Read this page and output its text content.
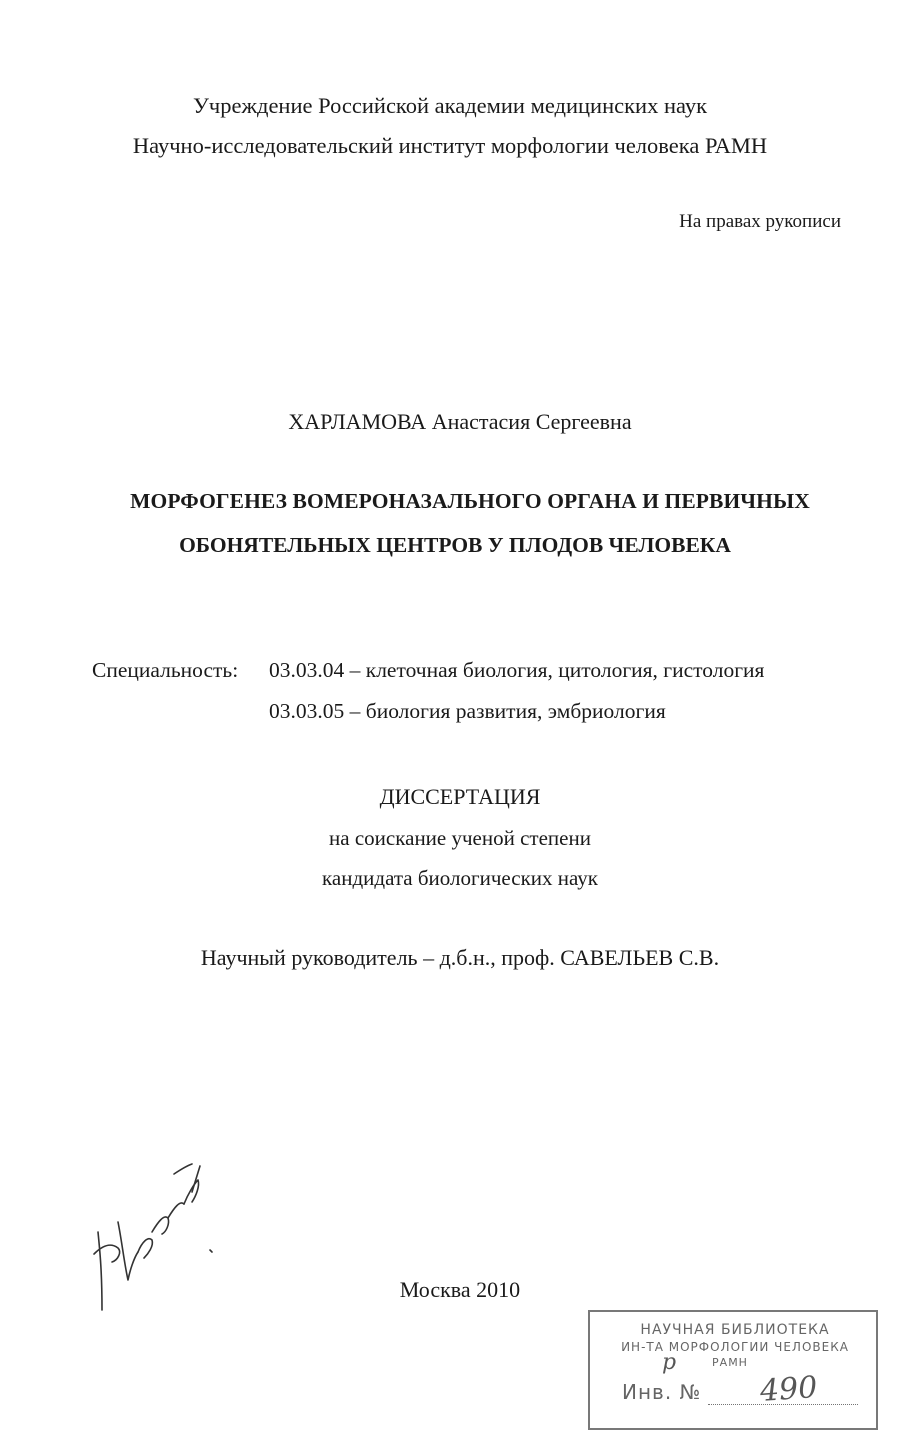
Учреждение Российской академии медицинских наук
Научно-исследовательский институт морфологии человека РАМН
На правах рукописи
ХАРЛАМОВА Анастасия Сергеевна
МОРФОГЕНЕЗ ВОМЕРОНАЗАЛЬНОГО ОРГАНА И ПЕРВИЧНЫХ
ОБОНЯТЕЛЬНЫХ ЦЕНТРОВ У ПЛОДОВ ЧЕЛОВЕКА
Специальность: 03.03.04 – клеточная биология, цитология, гистология
03.03.05 – биология развития, эмбриология
ДИССЕРТАЦИЯ
на соискание ученой степени
кандидата биологических наук
Научный руководитель – д.б.н., проф. САВЕЛЬЕВ С.В.
Москва 2010
НАУЧНАЯ БИБЛИОТЕКА
ИН-ТА МОРФОЛОГИИ ЧЕЛОВЕКА
РАМН
р
Инв. № 490
